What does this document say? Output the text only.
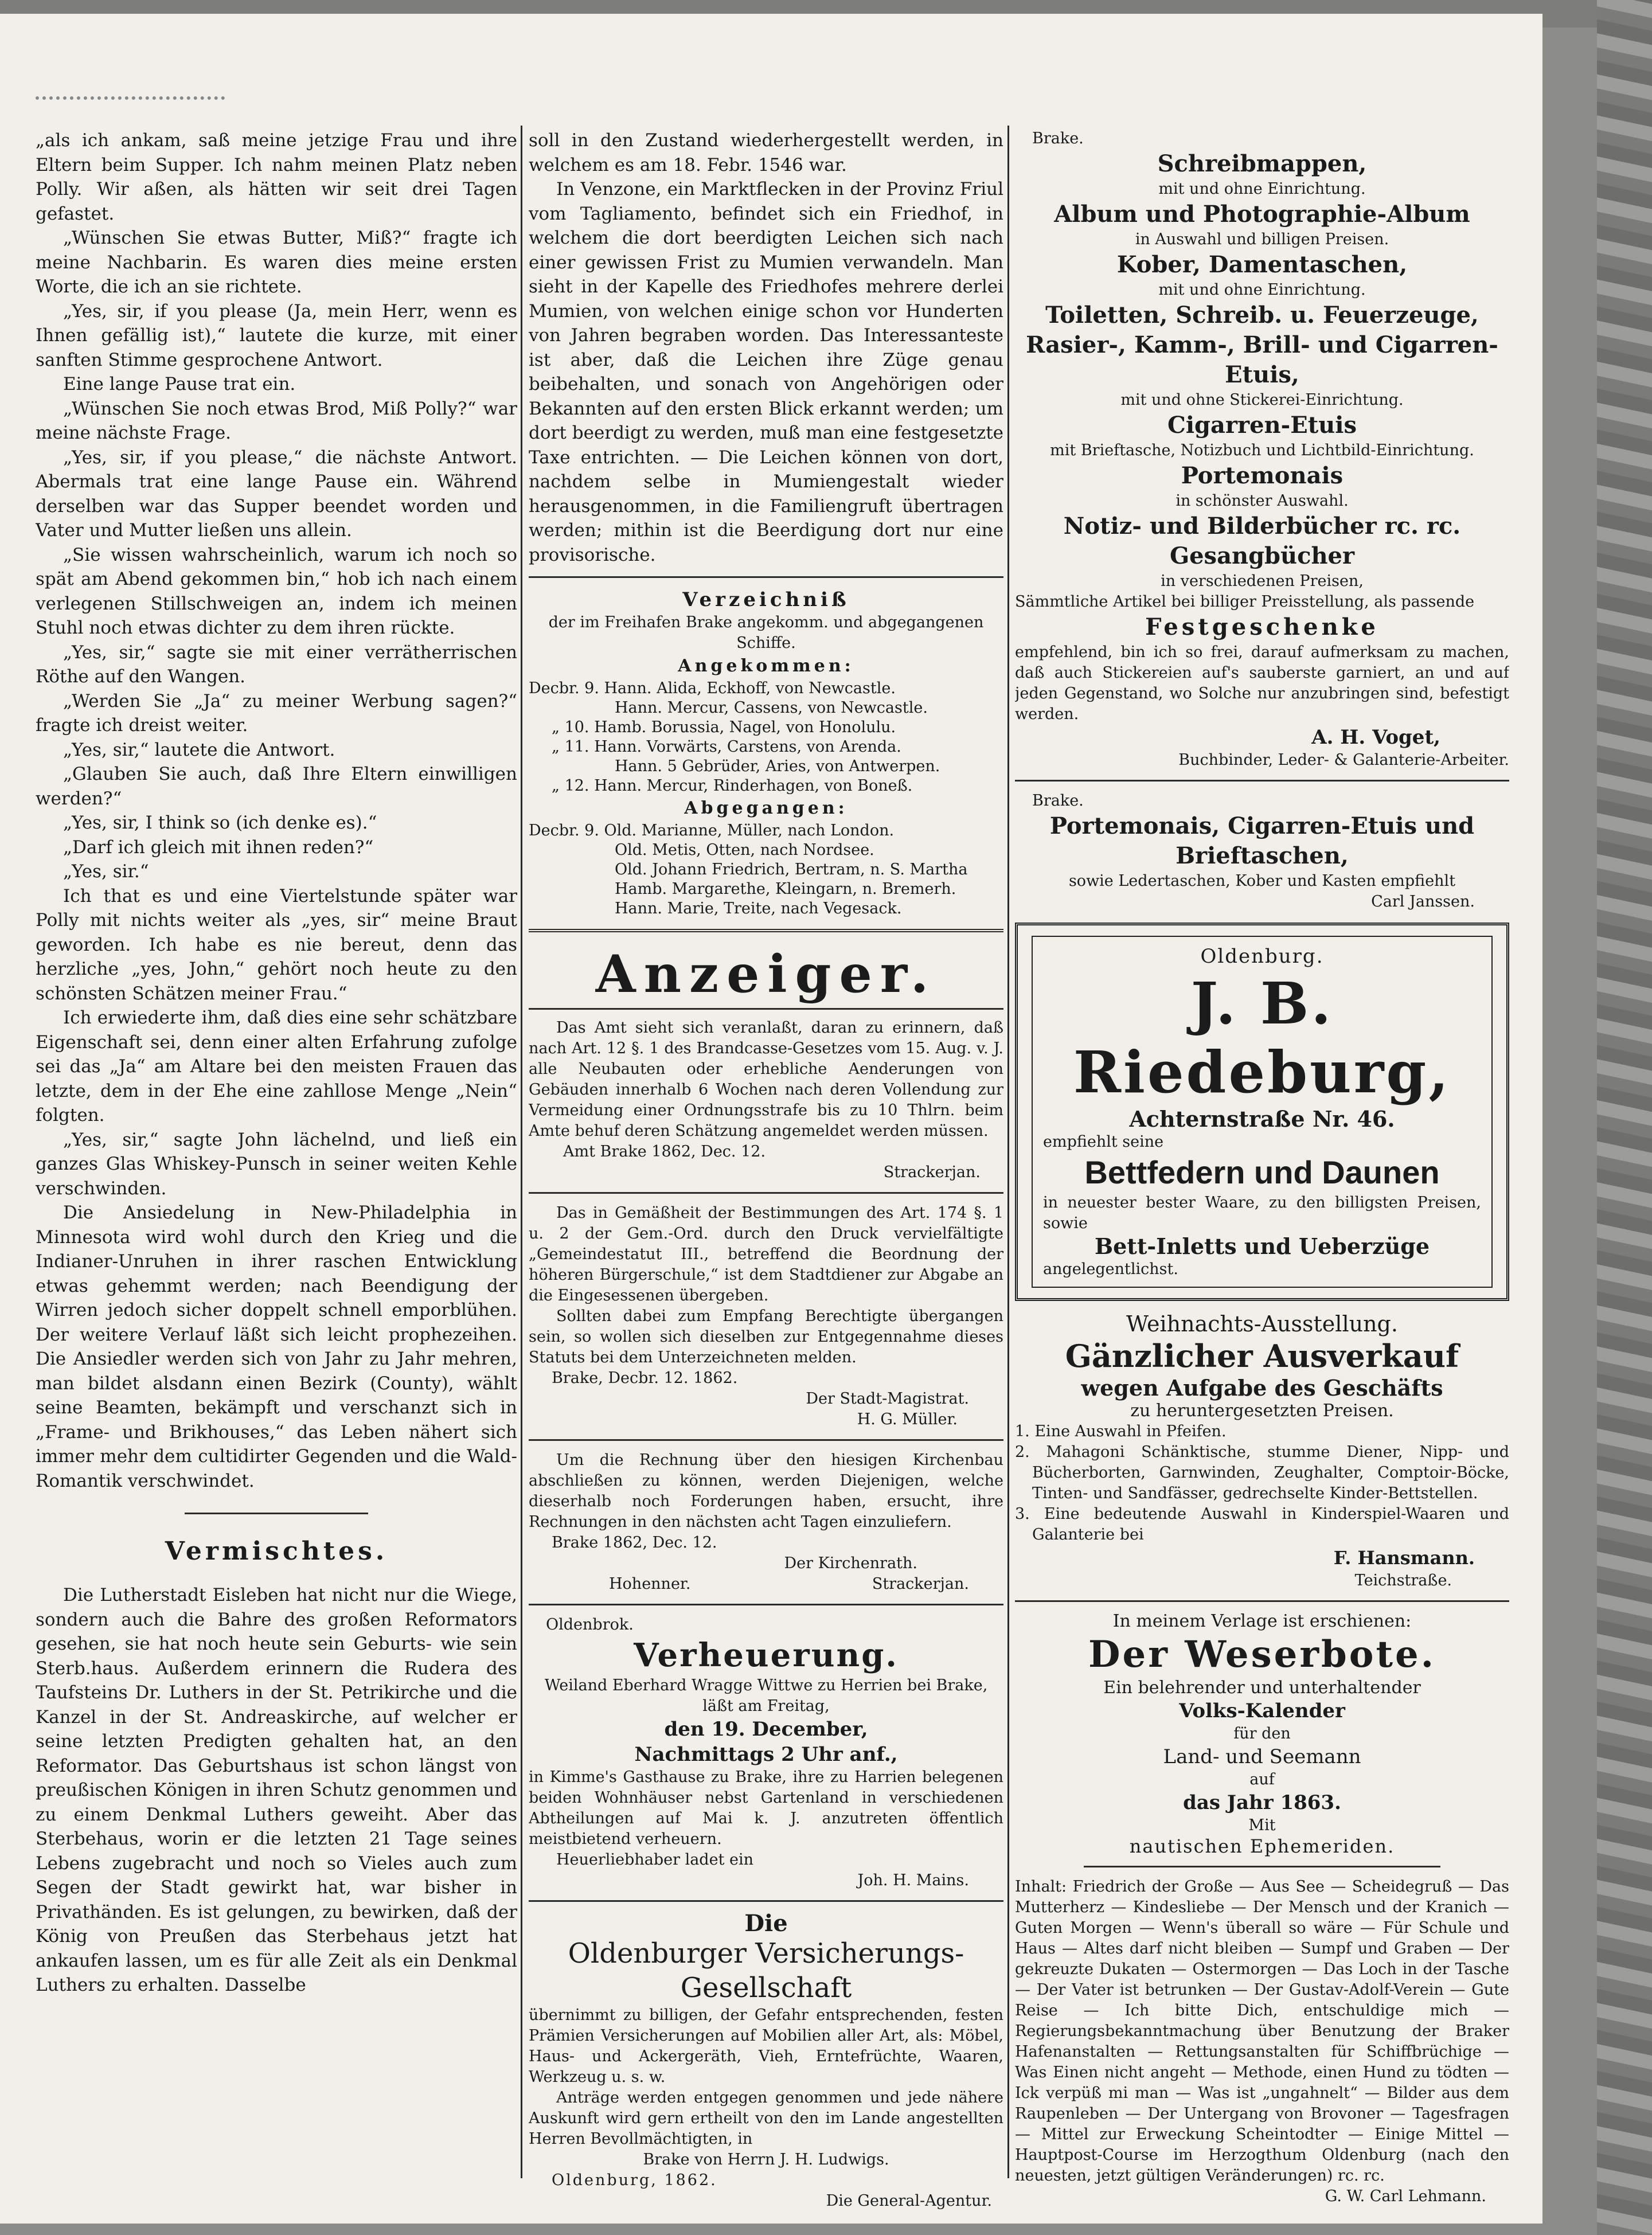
„als ich ankam, saß meine jetzige Frau und ihre Eltern beim Supper. Ich nahm meinen Platz neben Polly. Wir aßen, als hätten wir seit drei Tagen gefastet.

„Wünschen Sie etwas Butter, Miß?“ fragte ich meine Nachbarin. Es waren dies meine ersten Worte, die ich an sie richtete.

„Yes, sir, if you please (Ja, mein Herr, wenn es Ihnen gefällig ist),“ lautete die kurze, mit einer sanften Stimme gesprochene Antwort.

Eine lange Pause trat ein.

„Wünschen Sie noch etwas Brod, Miß Polly?“ war meine nächste Frage.

„Yes, sir, if you please,“ die nächste Antwort. Abermals trat eine lange Pause ein. Während derselben war das Supper beendet worden und Vater und Mutter ließen uns allein.

„Sie wissen wahrscheinlich, warum ich noch so spät am Abend gekommen bin,“ hob ich nach einem verlegenen Stillschweigen an, indem ich meinen Stuhl noch etwas dichter zu dem ihren rückte.

„Yes, sir,“ sagte sie mit einer verrätherrischen Röthe auf den Wangen.

„Werden Sie „Ja“ zu meiner Werbung sagen?“ fragte ich dreist weiter.

„Yes, sir,“ lautete die Antwort.

„Glauben Sie auch, daß Ihre Eltern einwilligen werden?“

„Yes, sir, I think so (ich denke es).“

„Darf ich gleich mit ihnen reden?“

„Yes, sir.“

Ich that es und eine Viertelstunde später war Polly mit nichts weiter als „yes, sir“ meine Braut geworden. Ich habe es nie bereut, denn das herzliche „yes, John,“ gehört noch heute zu den schönsten Schätzen meiner Frau.“

Ich erwiederte ihm, daß dies eine sehr schätzbare Eigenschaft sei, denn einer alten Erfahrung zufolge sei das „Ja“ am Altare bei den meisten Frauen das letzte, dem in der Ehe eine zahllose Menge „Nein“ folgten.

„Yes, sir,“ sagte John lächelnd, und ließ ein ganzes Glas Whiskey-Punsch in seiner weiten Kehle verschwinden.

Die Ansiedelung in New-Philadelphia in Minnesota wird wohl durch den Krieg und die Indianer-Unruhen in ihrer raschen Entwicklung etwas gehemmt werden; nach Beendigung der Wirren jedoch sicher doppelt schnell emporblühen. Der weitere Verlauf läßt sich leicht prophezeihen. Die Ansiedler werden sich von Jahr zu Jahr mehren, man bildet alsdann einen Bezirk (County), wählt seine Beamten, bekämpft und verschanzt sich in „Frame- und Brikhouses,“ das Leben nähert sich immer mehr dem cultidirter Gegenden und die Wald-Romantik verschwindet.

Vermischtes.

Die Lutherstadt Eisleben hat nicht nur die Wiege, sondern auch die Bahre des großen Reformators gesehen, sie hat noch heute sein Geburts- wie sein Sterb.haus. Außerdem erinnern die Rudera des Taufsteins Dr. Luthers in der St. Petrikirche und die Kanzel in der St. Andreaskirche, auf welcher er seine letzten Predigten gehalten hat, an den Reformator. Das Geburtshaus ist schon längst von preußischen Königen in ihren Schutz genommen und zu einem Denkmal Luthers geweiht. Aber das Sterbehaus, worin er die letzten 21 Tage seines Lebens zugebracht und noch so Vieles auch zum Segen der Stadt gewirkt hat, war bisher in Privathänden. Es ist gelungen, zu bewirken, daß der König von Preußen das Sterbehaus jetzt hat ankaufen lassen, um es für alle Zeit als ein Denkmal Luthers zu erhalten. Dasselbe

soll in den Zustand wiederhergestellt werden, in welchem es am 18. Febr. 1546 war.

In Venzone, ein Marktflecken in der Provinz Friul vom Tagliamento, befindet sich ein Friedhof, in welchem die dort beerdigten Leichen sich nach einer gewissen Frist zu Mumien verwandeln. Man sieht in der Kapelle des Friedhofes mehrere derlei Mumien, von welchen einige schon vor Hunderten von Jahren begraben worden. Das Interessanteste ist aber, daß die Leichen ihre Züge genau beibehalten, und sonach von Angehörigen oder Bekannten auf den ersten Blick erkannt werden; um dort beerdigt zu werden, muß man eine festgesetzte Taxe entrichten. — Die Leichen können von dort, nachdem selbe in Mumiengestalt wieder herausgenommen, in die Familiengruft übertragen werden; mithin ist die Beerdigung dort nur eine provisorische.

Verzeichniß

der im Freihafen Brake angekomm. und abgegangenen Schiffe.

Angekommen:

Decbr. 9. Hann. Alida, Eckhoff, von Newcastle.

Hann. Mercur, Cassens, von Newcastle.

„ 10. Hamb. Borussia, Nagel, von Honolulu.

„ 11. Hann. Vorwärts, Carstens, von Arenda.

Hann. 5 Gebrüder, Aries, von Antwerpen.

„ 12. Hann. Mercur, Rinderhagen, von Boneß.

Abgegangen:

Decbr. 9. Old. Marianne, Müller, nach London.

Old. Metis, Otten, nach Nordsee.

Old. Johann Friedrich, Bertram, n. S. Martha

Hamb. Margarethe, Kleingarn, n. Bremerh.

Hann. Marie, Treite, nach Vegesack.

Anzeiger.

Das Amt sieht sich veranlaßt, daran zu erinnern, daß nach Art. 12 §. 1 des Brandcasse-Gesetzes vom 15. Aug. v. J. alle Neubauten oder erhebliche Aenderungen von Gebäuden innerhalb 6 Wochen nach deren Vollendung zur Vermeidung einer Ordnungsstrafe bis zu 10 Thlrn. beim Amte behuf deren Schätzung angemeldet werden müssen.

Amt Brake 1862, Dec. 12.

Strackerjan.

Das in Gemäßheit der Bestimmungen des Art. 174 §. 1 u. 2 der Gem.-Ord. durch den Druck vervielfältigte „Gemeindestatut III., betreffend die Beordnung der höheren Bürgerschule,“ ist dem Stadtdiener zur Abgabe an die Eingesessenen übergeben.

Sollten dabei zum Empfang Berechtigte übergangen sein, so wollen sich dieselben zur Entgegennahme dieses Statuts bei dem Unterzeichneten melden.

Brake, Decbr. 12. 1862.

Der Stadt-Magistrat.

H. G. Müller.

Um die Rechnung über den hiesigen Kirchenbau abschließen zu können, werden Diejenigen, welche dieserhalb noch Forderungen haben, ersucht, ihre Rechnungen in den nächsten acht Tagen einzuliefern.

Brake 1862, Dec. 12.

Der Kirchenrath.

Hohenner.	Strackerjan.

Oldenbrok.

Verheuerung.

Weiland Eberhard Wragge Wittwe zu Herrien bei Brake, läßt am Freitag,

den 19. December,

Nachmittags 2 Uhr anf.,

in Kimme's Gasthause zu Brake, ihre zu Harrien belegenen beiden Wohnhäuser nebst Gartenland in verschiedenen Abtheilungen auf Mai k. J. anzutreten öffentlich meistbietend verheuern.

Heuerliebhaber ladet ein

Joh. H. Mains.

Die

Oldenburger Versicherungs-Gesellschaft

übernimmt zu billigen, der Gefahr entsprechenden, festen Prämien Versicherungen auf Mobilien aller Art, als: Möbel, Haus- und Ackergeräth, Vieh, Erntefrüchte, Waaren, Werkzeug u. s. w.

Anträge werden entgegen genommen und jede nähere Auskunft wird gern ertheilt von den im Lande angestellten Herren Bevollmächtigten, in

Brake von Herrn J. H. Ludwigs.

Oldenburg, 1862.

Die General-Agentur.

Brake.

Schreibmappen,

mit und ohne Einrichtung.

Album und Photographie-Album

in Auswahl und billigen Preisen.

Kober, Damentaschen,

mit und ohne Einrichtung.

Toiletten, Schreib. u. Feuerzeuge, Rasier-, Kamm-, Brill- und Cigarren-Etuis,

mit und ohne Stickerei-Einrichtung.

Cigarren-Etuis

mit Brieftasche, Notizbuch und Lichtbild-Einrichtung.

Portemonais

in schönster Auswahl.

Notiz- und Bilderbücher rc. rc.

Gesangbücher

in verschiedenen Preisen,

Sämmtliche Artikel bei billiger Preisstellung, als passende

Festgeschenke

empfehlend, bin ich so frei, darauf aufmerksam zu machen, daß auch Stickereien auf's sauberste garniert, an und auf jeden Gegenstand, wo Solche nur anzubringen sind, befestigt werden.

A. H. Voget,

Buchbinder, Leder- & Galanterie-Arbeiter.

Brake.

Portemonais, Cigarren-Etuis und Brieftaschen,

sowie Ledertaschen, Kober und Kasten empfiehlt

Carl Janssen.

Oldenburg.

J. B. Riedeburg,

Achternstraße Nr. 46.

empfiehlt seine

Bettfedern und Daunen

in neuester bester Waare, zu den billigsten Preisen, sowie

Bett-Inletts und Ueberzüge

angelegentlichst.

Weihnachts-Ausstellung.

Gänzlicher Ausverkauf

wegen Aufgabe des Geschäfts

zu heruntergesetzten Preisen.

1. Eine Auswahl in Pfeifen.

2. Mahagoni Schänktische, stumme Diener, Nipp- und Bücherborten, Garnwinden, Zeughalter, Comptoir-Böcke, Tinten- und Sandfässer, gedrechselte Kinder-Bettstellen.

3. Eine bedeutende Auswahl in Kinderspiel-Waaren und Galanterie bei

F. Hansmann.

Teichstraße.

In meinem Verlage ist erschienen:

Der Weserbote.

Ein belehrender und unterhaltender

Volks-Kalender

für den

Land- und Seemann

auf

das Jahr 1863.

Mit

nautischen Ephemeriden.

Inhalt: Friedrich der Große — Aus See — Scheidegruß — Das Mutterherz — Kindesliebe — Der Mensch und der Kranich — Guten Morgen — Wenn's überall so wäre — Für Schule und Haus — Altes darf nicht bleiben — Sumpf und Graben — Der gekreuzte Dukaten — Ostermorgen — Das Loch in der Tasche — Der Vater ist betrunken — Der Gustav-Adolf-Verein — Gute Reise — Ich bitte Dich, entschuldige mich — Regierungsbekanntmachung über Benutzung der Braker Hafenanstalten — Rettungsanstalten für Schiffbrüchige — Was Einen nicht angeht — Methode, einen Hund zu tödten — Ick verpüß mi man — Was ist „ungahnelt“ — Bilder aus dem Raupenleben — Der Untergang von Brovoner — Tagesfragen — Mittel zur Erweckung Scheintodter — Einige Mittel — Hauptpost-Course im Herzogthum Oldenburg (nach den neuesten, jetzt gültigen Veränderungen) rc. rc.

G. W. Carl Lehmann.
